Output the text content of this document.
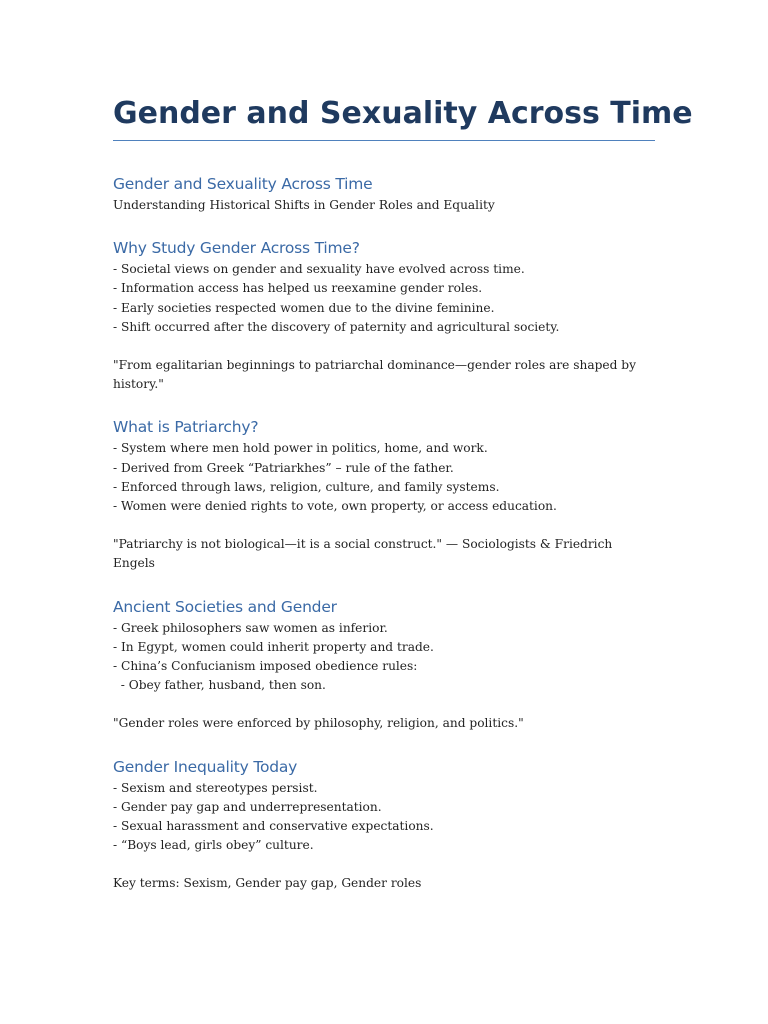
Gender and Sexuality Across Time
Gender and Sexuality Across Time

Understanding Historical Shifts in Gender Roles and Equality

Why Study Gender Across Time?

- Societal views on gender and sexuality have evolved across time.

- Information access has helped us reexamine gender roles.

- Early societies respected women due to the divine feminine.

- Shift occurred after the discovery of paternity and agricultural society.

"From egalitarian beginnings to patriarchal dominance—gender roles are shaped by history."

What is Patriarchy?

- System where men hold power in politics, home, and work.

- Derived from Greek “Patriarkhes” – rule of the father.

- Enforced through laws, religion, culture, and family systems.

- Women were denied rights to vote, own property, or access education.

"Patriarchy is not biological—it is a social construct." — Sociologists & Friedrich Engels

Ancient Societies and Gender

- Greek philosophers saw women as inferior.

- In Egypt, women could inherit property and trade.

- China’s Confucianism imposed obedience rules:

- Obey father, husband, then son.

"Gender roles were enforced by philosophy, religion, and politics."

Gender Inequality Today

- Sexism and stereotypes persist.

- Gender pay gap and underrepresentation.

- Sexual harassment and conservative expectations.

- “Boys lead, girls obey” culture.

Key terms: Sexism, Gender pay gap, Gender roles
